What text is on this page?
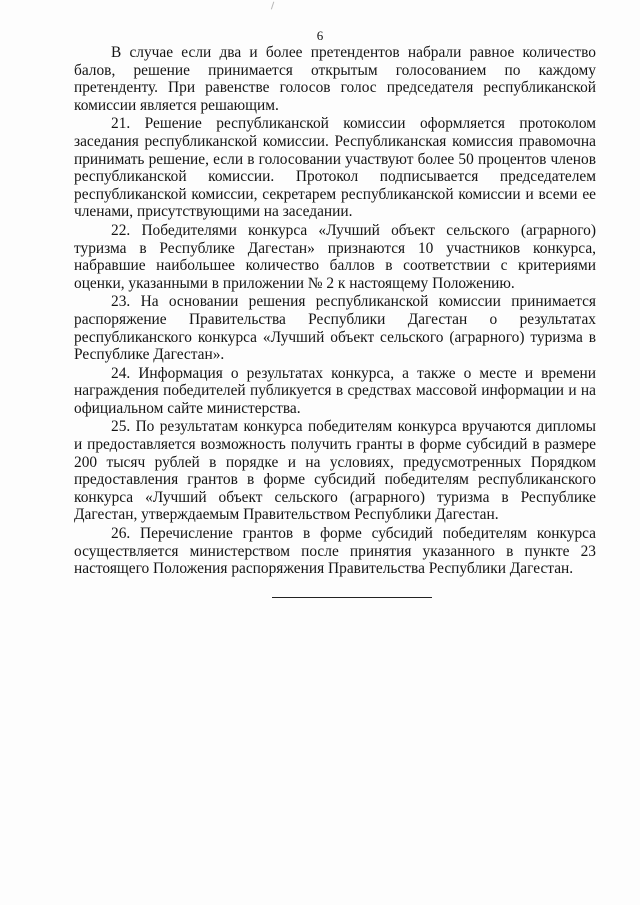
6

В случае если два и более претендентов набрали равное количество балов, решение принимается открытым голосованием по каждому претенденту. При равенстве голосов голос председателя республиканской комиссии является решающим.

21. Решение республиканской комиссии оформляется протоколом заседания республиканской комиссии. Республиканская комиссия правомочна принимать решение, если в голосовании участвуют более 50 процентов членов республиканской комиссии. Протокол подписывается председателем республиканской комиссии, секретарем республиканской комиссии и всеми ее членами, присутствующими на заседании.

22. Победителями конкурса «Лучший объект сельского (аграрного) туризма в Республике Дагестан» признаются 10 участников конкурса, набравшие наибольшее количество баллов в соответствии с критериями оценки, указанными в приложении № 2 к настоящему Положению.

23. На основании решения республиканской комиссии принимается распоряжение Правительства Республики Дагестан о результатах республиканского конкурса «Лучший объект сельского (аграрного) туризма в Республике Дагестан».

24. Информация о результатах конкурса, а также о месте и времени награждения победителей публикуется в средствах массовой информации и на официальном сайте министерства.

25. По результатам конкурса победителям конкурса вручаются дипломы и предоставляется возможность получить гранты в форме субсидий в размере 200 тысяч рублей в порядке и на условиях, предусмотренных Порядком предоставления грантов в форме субсидий победителям республиканского конкурса «Лучший объект сельского (аграрного) туризма в Республике Дагестан, утверждаемым Правительством Республики Дагестан.

26. Перечисление грантов в форме субсидий победителям конкурса осуществляется министерством после принятия указанного в пункте 23 настоящего Положения распоряжения Правительства Республики Дагестан.
